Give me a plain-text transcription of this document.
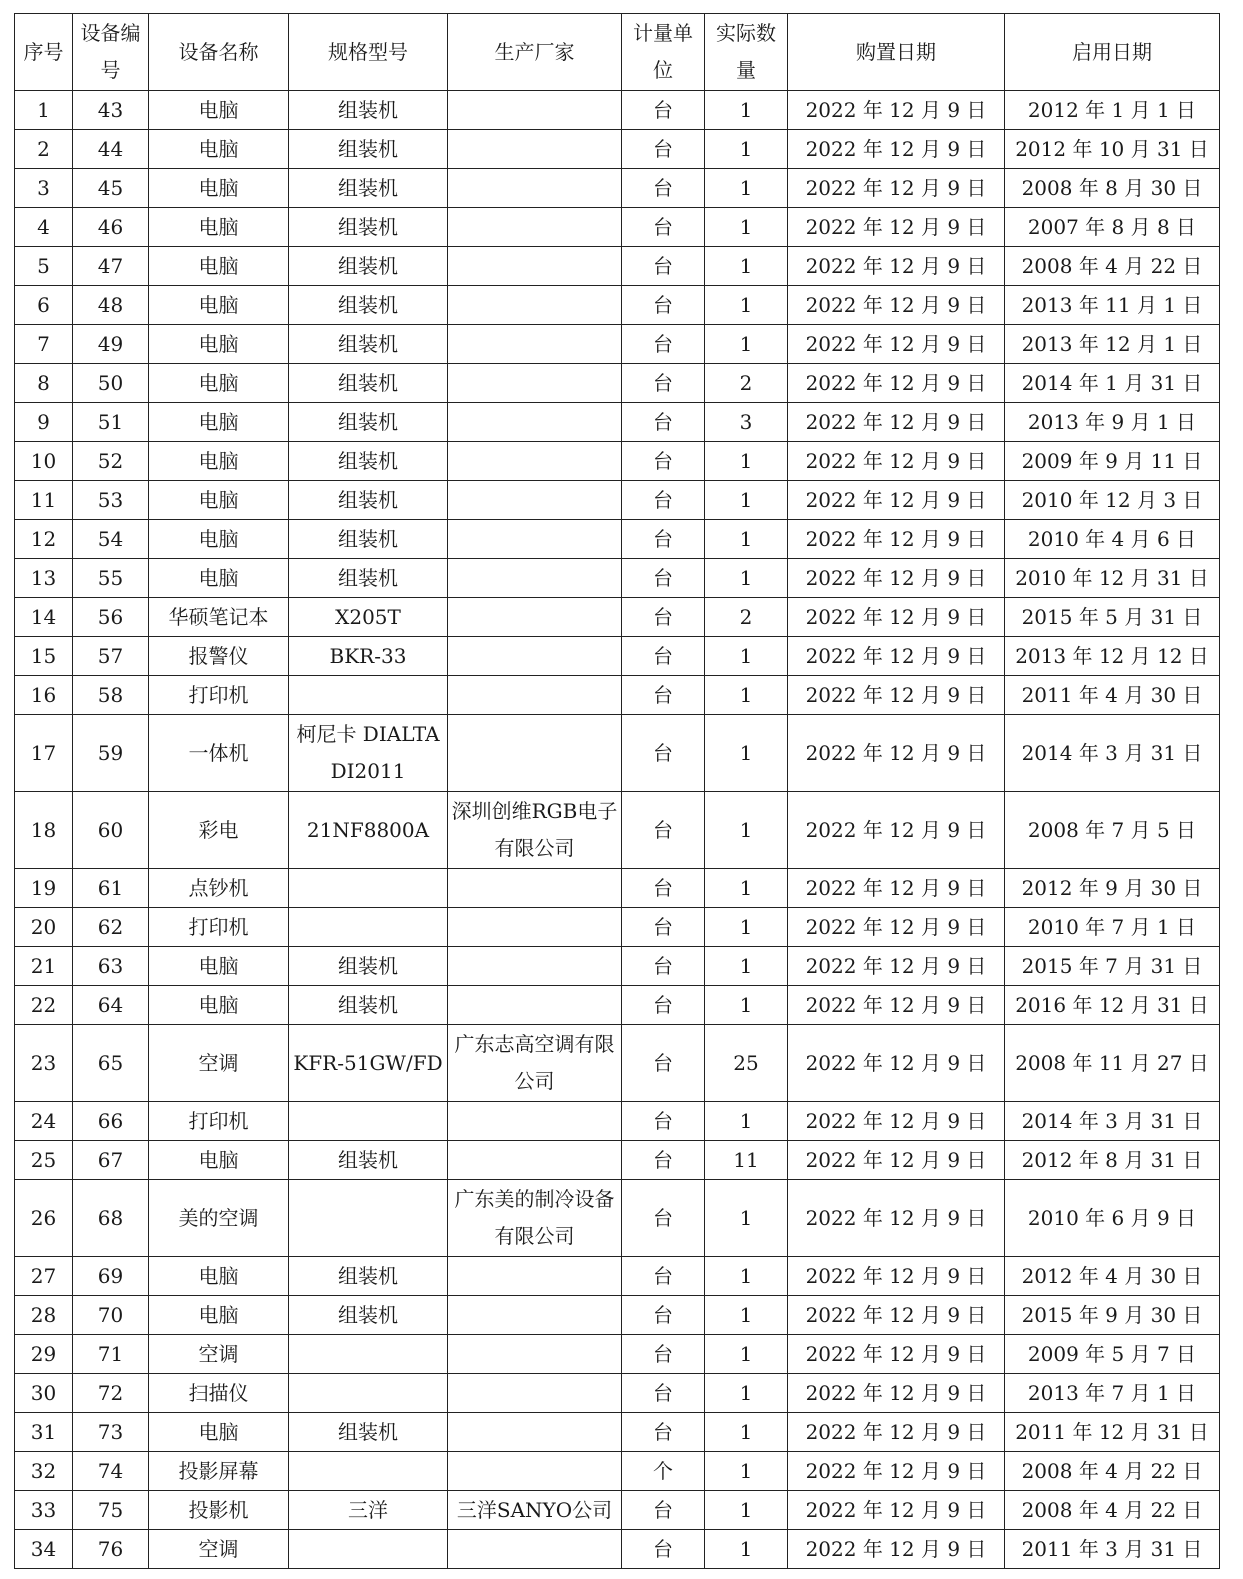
序号	设备编号	设备名称	规格型号	生产厂家	计量单位	实际数量	购置日期	启用日期
1	43	电脑	组装机		台	1	2022 年 12 月 9 日	2012 年 1 月 1 日
2	44	电脑	组装机		台	1	2022 年 12 月 9 日	2012 年 10 月 31 日
3	45	电脑	组装机		台	1	2022 年 12 月 9 日	2008 年 8 月 30 日
4	46	电脑	组装机		台	1	2022 年 12 月 9 日	2007 年 8 月 8 日
5	47	电脑	组装机		台	1	2022 年 12 月 9 日	2008 年 4 月 22 日
6	48	电脑	组装机		台	1	2022 年 12 月 9 日	2013 年 11 月 1 日
7	49	电脑	组装机		台	1	2022 年 12 月 9 日	2013 年 12 月 1 日
8	50	电脑	组装机		台	2	2022 年 12 月 9 日	2014 年 1 月 31 日
9	51	电脑	组装机		台	3	2022 年 12 月 9 日	2013 年 9 月 1 日
10	52	电脑	组装机		台	1	2022 年 12 月 9 日	2009 年 9 月 11 日
11	53	电脑	组装机		台	1	2022 年 12 月 9 日	2010 年 12 月 3 日
12	54	电脑	组装机		台	1	2022 年 12 月 9 日	2010 年 4 月 6 日
13	55	电脑	组装机		台	1	2022 年 12 月 9 日	2010 年 12 月 31 日
14	56	华硕笔记本	X205T		台	2	2022 年 12 月 9 日	2015 年 5 月 31 日
15	57	报警仪	BKR-33		台	1	2022 年 12 月 9 日	2013 年 12 月 12 日
16	58	打印机			台	1	2022 年 12 月 9 日	2011 年 4 月 30 日
17	59	一体机	柯尼卡 DIALTADI2011		台	1	2022 年 12 月 9 日	2014 年 3 月 31 日
18	60	彩电	21NF8800A	深圳创维RGB电子有限公司	台	1	2022 年 12 月 9 日	2008 年 7 月 5 日
19	61	点钞机			台	1	2022 年 12 月 9 日	2012 年 9 月 30 日
20	62	打印机			台	1	2022 年 12 月 9 日	2010 年 7 月 1 日
21	63	电脑	组装机		台	1	2022 年 12 月 9 日	2015 年 7 月 31 日
22	64	电脑	组装机		台	1	2022 年 12 月 9 日	2016 年 12 月 31 日
23	65	空调	KFR-51GW/FD	广东志高空调有限公司	台	25	2022 年 12 月 9 日	2008 年 11 月 27 日
24	66	打印机			台	1	2022 年 12 月 9 日	2014 年 3 月 31 日
25	67	电脑	组装机		台	11	2022 年 12 月 9 日	2012 年 8 月 31 日
26	68	美的空调		广东美的制冷设备有限公司	台	1	2022 年 12 月 9 日	2010 年 6 月 9 日
27	69	电脑	组装机		台	1	2022 年 12 月 9 日	2012 年 4 月 30 日
28	70	电脑	组装机		台	1	2022 年 12 月 9 日	2015 年 9 月 30 日
29	71	空调			台	1	2022 年 12 月 9 日	2009 年 5 月 7 日
30	72	扫描仪			台	1	2022 年 12 月 9 日	2013 年 7 月 1 日
31	73	电脑	组装机		台	1	2022 年 12 月 9 日	2011 年 12 月 31 日
32	74	投影屏幕			个	1	2022 年 12 月 9 日	2008 年 4 月 22 日
33	75	投影机	三洋	三洋SANYO公司	台	1	2022 年 12 月 9 日	2008 年 4 月 22 日
34	76	空调			台	1	2022 年 12 月 9 日	2011 年 3 月 31 日
